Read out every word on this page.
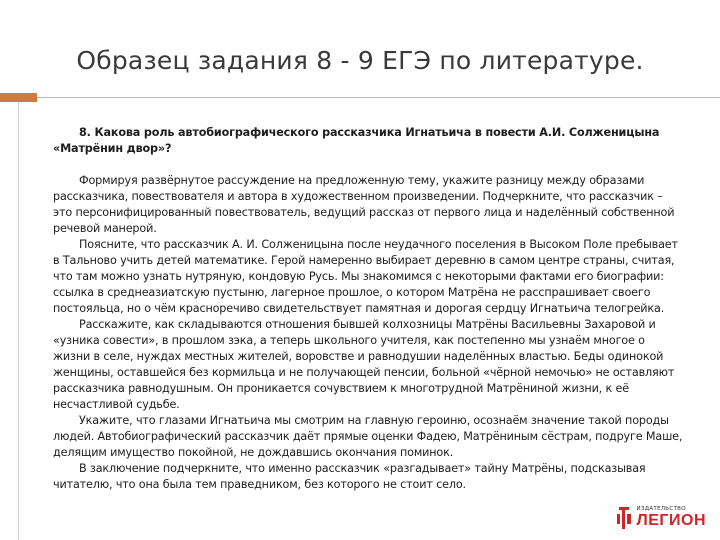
Образец задания 8 - 9 ЕГЭ по литературе.

8. Какова роль автобиографического рассказчика Игнатьича в повести А.И. Солженицына «Матрёнин двор»?

Формируя развёрнутое рассуждение на предложенную тему, укажите разницу между образами рассказчика, повествователя и автора в художественном произведении. Подчеркните, что рассказчик – это персонифицированный повествователь, ведущий рассказ от первого лица и наделённый собственной речевой манерой.

Поясните, что рассказчик А. И. Солженицына после неудачного поселения в Высоком Поле пребывает в Тальново учить детей математике. Герой намеренно выбирает деревню в самом центре страны, считая, что там можно узнать нутряную, кондовую Русь. Мы знакомимся с некоторыми фактами его биографии: ссылка в среднеазиатскую пустыню, лагерное прошлое, о котором Матрёна не расспрашивает своего постояльца, но о чём красноречиво свидетельствует памятная и дорогая сердцу Игнатьича телогрейка.

Расскажите, как складываются отношения бывшей колхозницы Матрёны Васильевны Захаровой и «узника совести», в прошлом зэка, а теперь школьного учителя, как постепенно мы узнаём многое о жизни в селе, нуждах местных жителей, воровстве и равнодушии наделённых властью. Беды одинокой женщины, оставшейся без кормильца и не получающей пенсии, больной «чёрной немочью» не оставляют рассказчика равнодушным. Он проникается сочувствием к многотрудной Матрёниной жизни, к её несчастливой судьбе.

Укажите, что глазами Игнатьича мы смотрим на главную героиню, осознаём значение такой породы людей. Автобиографический рассказчик даёт прямые оценки Фадею, Матрёниным сёстрам, подруге Маше, делящим имущество покойной, не дождавшись окончания поминок.

В заключение подчеркните, что именно рассказчик «разгадывает» тайну Матрёны, подсказывая читателю, что она была тем праведником, без которого не стоит село.

ИЗДАТЕЛЬСТВО
ЛЕГИОН
